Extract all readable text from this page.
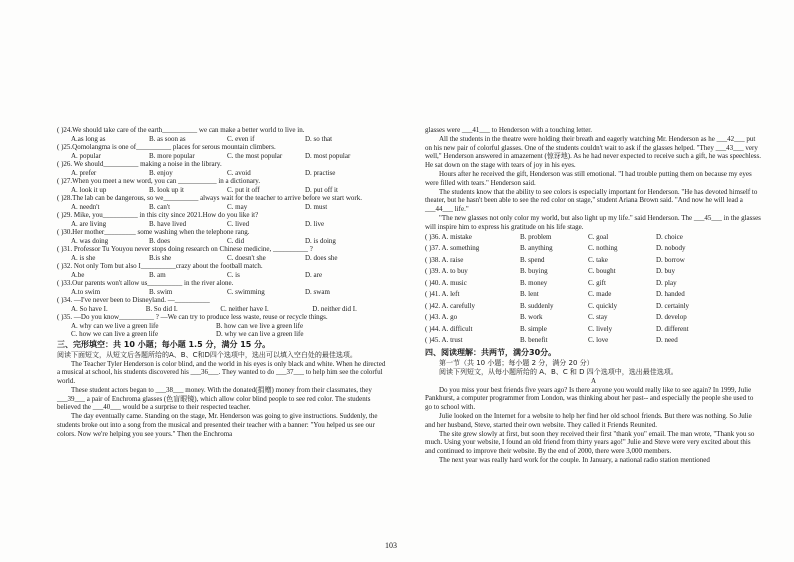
( )24.We should take care of the earth__________ we can make a better world to live in.
A.as long as	B. as soon as	C. even if	D. so that
( )25.Qomolangma is one of__________ places for serous mountain climbers.
A. popular	B. more popular	C. the most popular	D. most popular
( )26. We should__________ making a noise in the library.
A. prefer	B. enjoy	C. avoid	D. practise
( )27.When you meet a new word, you can ___________ in a dictionary.
A. look it up	B. look up it	C. put it off	D. put off it
( )28.The lab can be dangerous, so we__________ always wait for the teacher to arrive before we start work.
A. needn't	B. can't	C. may	D. must
( )29. Mike, you__________ in this city since 2021.How do you like it?
A. are living	B. have lived	C. lived	D. live
( )30.Her mother_________ some washing when the telephone rang.
A. was doing	B. does	C. did	D. is doing
( )31. Professor Tu Youyou never stops doing research on Chinese medicine, __________ ?
A. is she	B.is she	C. doesn't she	D. does she
( )32. Not only Tom but also I__________crazy about the football match.
A.be	B. am	C. is	D. are
( )33.Our parents won't allow us__________ in the river alone.
A.to swim	B. swim	C. swimming	D. swam
( )34. —I've never been to Disneyland. —__________
A. So have I.	B. So did I.	C. neither have I.	D. neither did I.
( )35. —Do you know__________ ? —We can try to produce less waste, reuse or recycle things.
A. why can we live a green life	B. how can we live a green life
C. how we can live a green life	D. why we can live a green life
三、完形填空：共 10 小题；每小题 1.5 分，满分 15 分。
阅读下面短文，从短文后各题所给的A、B、C和D四个选项中，选出可以填入空白处的最佳选项。

The Teacher Tyler Henderson is color blind, and the world in his eyes is only black and white. When he directed a musical at school, his students discovered his ___36___. They wanted to do ___37___ to help him see the colorful world.

These student actors began to ___38___ money. With the donated(捐赠) money from their classmates, they ___39___ a pair of Enchroma glasses (色盲眼镜), which allow color blind people to see red color. The students believed the ___40___ would be a surprise to their respected teacher.

The day eventually came. Standing on the stage, Mr. Henderson was going to give instructions. Suddenly, the students broke out into a song from the musical and presented their teacher with a banner: "You helped us see our colors. Now we're helping you see yours." Then the Enchroma

glasses were ___41___ to Henderson with a touching letter.

All the students in the theatre were holding their breath and eagerly watching Mr. Henderson as he ___42___ put on his new pair of colorful glasses. One of the students couldn't wait to ask if the glasses helped. "They ___43___ very well," Henderson answered in amazement (惊讶地). As he had never expected to receive such a gift, he was speechless. He sat down on the stage with tears of joy in his eyes.

Hours after he received the gift, Henderson was still emotional. "I had trouble putting them on because my eyes were filled with tears." Henderson said.

The students know that the ability to see colors is especially important for Henderson. "He has devoted himself to theater, but he hasn't been able to see the red color on stage," student Ariana Brown said. "And now he will lead a ___44___ life."

"The new glasses not only color my world, but also light up my life." said Henderson. The ___45___ in the glasses will inspire him to express his gratitude on his life stage.

( )36. A. mistake	B. problem	C. goal	D. choice
( )37. A. something	B. anything	C. nothing	D. nobody
( )38. A. raise	B. spend	C. take	D. borrow
( )39. A. to buy	B. buying	C. bought	D. buy
( )40. A. music	B. money	C. gift	D. play
( )41. A. left	B. lent	C. made	D. handed
( )42. A. carefully	B. suddenly	C. quickly	D. certainly
( )43. A. go	B. work	C. stay	D. develop
( )44. A. difficult	B. simple	C. lively	D. different
( )45. A. trust	B. benefit	C. love	D. need
四、阅读理解：共两节，满分30分。
第一节（共 10 小题；每小题 2 分，满分 20 分）
阅读下列短文，从每小题所给的 A、B、C 和 D 四个选项中，选出最佳选项。
A

Do you miss your best friends five years ago? Is there anyone you would really like to see again? In 1999, Julie Pankhurst, a computer programmer from London, was thinking about her past-- and especially the people she used to go to school with.

Julie looked on the Internet for a website to help her find her old school friends. But there was nothing. So Julie and her husband, Steve, started their own website. They called it Friends Reunited.

The site grew slowly at first, but soon they received their first "thank you" email. The man wrote, "Thank you so much. Using your website, I found an old friend from thirty years ago!" Julie and Steve were very excited about this and continued to improve their website. By the end of 2000, there were 3,000 members.

The next year was really hard work for the couple. In January, a national radio station mentioned

103
